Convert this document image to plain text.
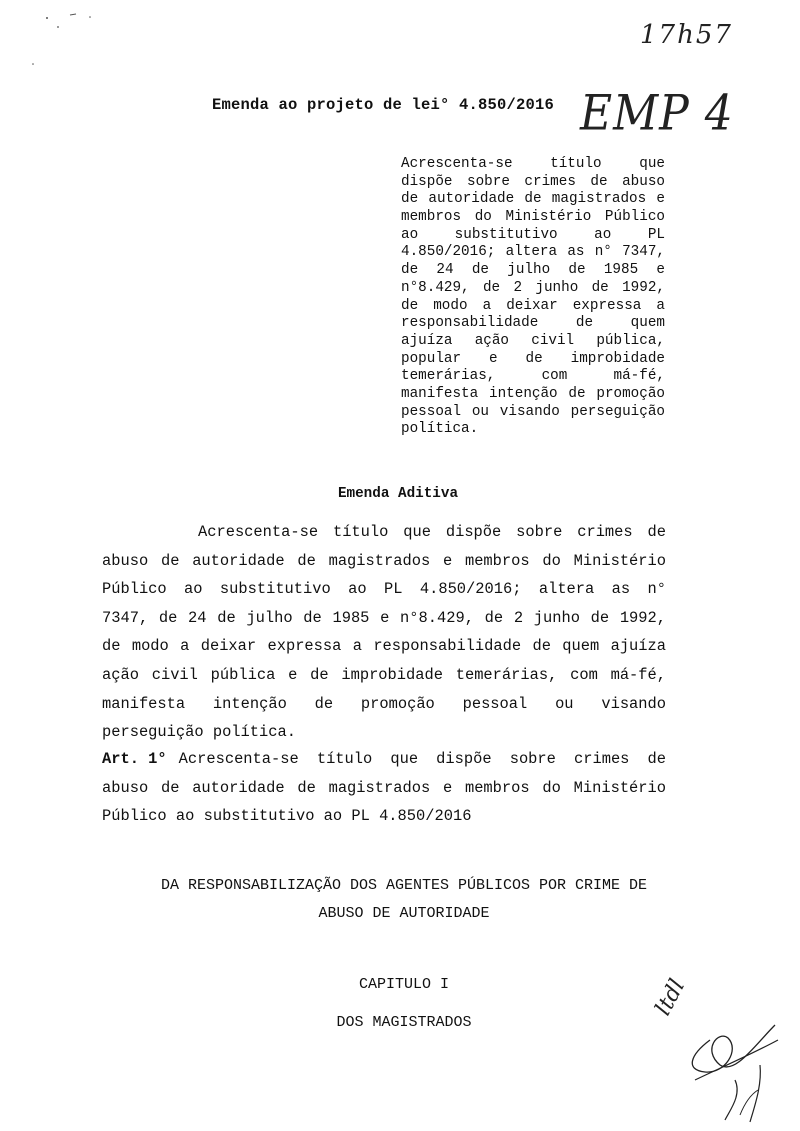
17h57
Emenda ao projeto de lei° 4.850/2016 EMP 4
Acrescenta-se título que
dispõe sobre crimes de abuso
de autoridade de magistrados e
membros do Ministério Público
ao substitutivo ao PL
4.850/2016; altera as n° 7347,
de 24 de julho de 1985 e
n°8.429, de 2 junho de 1992,
de modo a deixar expressa a
responsabilidade de quem
ajuíza ação civil pública,
popular e de improbidade
temerárias, com má-fé,
manifesta intenção de promoção
pessoal ou visando perseguição
política.
Emenda Aditiva
Acrescenta-se título que dispõe sobre crimes de
abuso de autoridade de magistrados e membros do Ministério
Público ao substitutivo ao PL 4.850/2016; altera as n°
7347, de 24 de julho de 1985 e n°8.429, de 2 junho de 1992,
de modo a deixar expressa a responsabilidade de quem ajuíza
ação civil pública e de improbidade temerárias, com má-fé,
manifesta intenção de promoção pessoal ou visando
perseguição política.
Art. 1° Acrescenta-se título que dispõe sobre crimes de
abuso de autoridade de magistrados e membros do Ministério
Público ao substitutivo ao PL 4.850/2016
DA RESPONSABILIZAÇÃO DOS AGENTES PÚBLICOS POR CRIME DE
ABUSO DE AUTORIDADE
CAPITULO I
DOS MAGISTRADOS
ltdl
